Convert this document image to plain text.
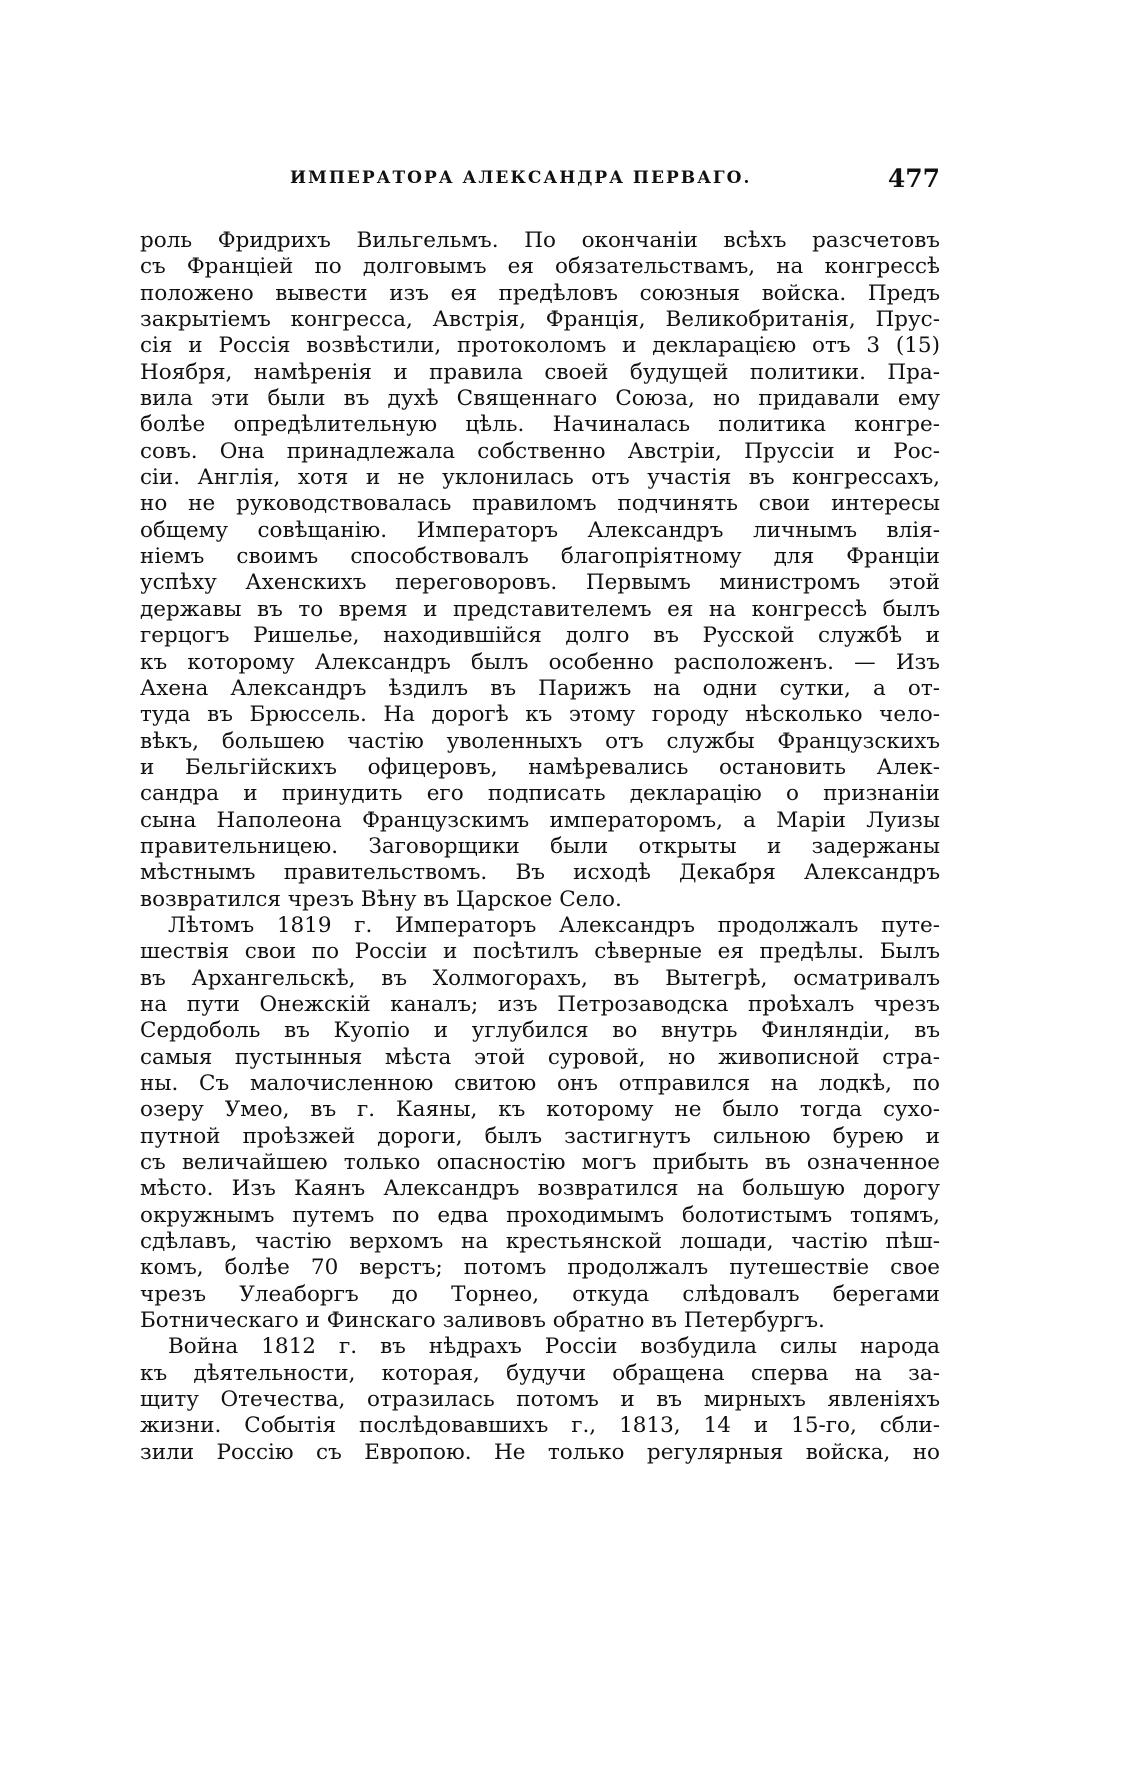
ИМПЕРАТОРА АЛЕКСАНДРА ПЕРВАГО.	477
роль Фридрихъ Вильгельмъ. По окончаніи всѣхъ разсчетовъ
съ Франціей по долговымъ ея обязательствамъ, на конгрессѣ
положено вывести изъ ея предѣловъ союзныя войска. Предъ
закрытіемъ конгресса, Австрія, Франція, Великобританія, Прус-
сія и Россія возвѣстили, протоколомъ и декларацією отъ 3 (15)
Ноября, намѣренія и правила своей будущей политики. Пра-
вила эти были въ духѣ Священнаго Союза, но придавали ему
болѣе опредѣлительную цѣль. Начиналась политика конгре-
совъ. Она принадлежала собственно Австріи, Пруссіи и Рос-
сіи. Англія, хотя и не уклонилась отъ участія въ конгрессахъ,
но не руководствовалась правиломъ подчинять свои интересы
общему совѣщанію. Императоръ Александръ личнымъ влія-
ніемъ своимъ способствовалъ благопріятному для Франціи
успѣху Ахенскихъ переговоровъ. Первымъ министромъ этой
державы въ то время и представителемъ ея на конгрессѣ былъ
герцогъ Ришелье, находившійся долго въ Русской службѣ и
къ которому Александръ былъ особенно расположенъ. — Изъ
Ахена Александръ ѣздилъ въ Парижъ на одни сутки, а от-
туда въ Брюссель. На дорогѣ къ этому городу нѣсколько чело-
вѣкъ, большею частію уволенныхъ отъ службы Французскихъ
и Бельгійскихъ офицеровъ, намѣревались остановить Алек-
сандра и принудить его подписать декларацію о признаніи
сына Наполеона Французскимъ императоромъ, а Маріи Луизы
правительницею. Заговорщики были открыты и задержаны
мѣстнымъ правительствомъ. Въ исходѣ Декабря Александръ
возвратился чрезъ Вѣну въ Царское Село.
Лѣтомъ 1819 г. Императоръ Александръ продолжалъ путе-
шествія свои по Россіи и посѣтилъ сѣверные ея предѣлы. Былъ
въ Архангельскѣ, въ Холмогорахъ, въ Вытегрѣ, осматривалъ
на пути Онежскій каналъ; изъ Петрозаводска проѣхалъ чрезъ
Сердоболь въ Куопіо и углубился во внутрь Финляндіи, въ
самыя пустынныя мѣста этой суровой, но живописной стра-
ны. Съ малочисленною свитою онъ отправился на лодкѣ, по
озеру Умео, въ г. Каяны, къ которому не было тогда сухо-
путной проѣзжей дороги, былъ застигнутъ сильною бурею и
съ величайшею только опасностію могъ прибыть въ означенное
мѣсто. Изъ Каянъ Александръ возвратился на большую дорогу
окружнымъ путемъ по едва проходимымъ болотистымъ топямъ,
сдѣлавъ, частію верхомъ на крестьянской лошади, частію пѣш-
комъ, болѣе 70 верстъ; потомъ продолжалъ путешествіе свое
чрезъ Улеаборгъ до Торнео, откуда слѣдовалъ берегами
Ботническаго и Финскаго заливовъ обратно въ Петербургъ.
Война 1812 г. въ нѣдрахъ Россіи возбудила силы народа
къ дѣятельности, которая, будучи обращена сперва на за-
щиту Отечества, отразилась потомъ и въ мирныхъ явленіяхъ
жизни. Событія послѣдовавшихъ г., 1813, 14 и 15-го, сбли-
зили Россію съ Европою. Не только регулярныя войска, но
